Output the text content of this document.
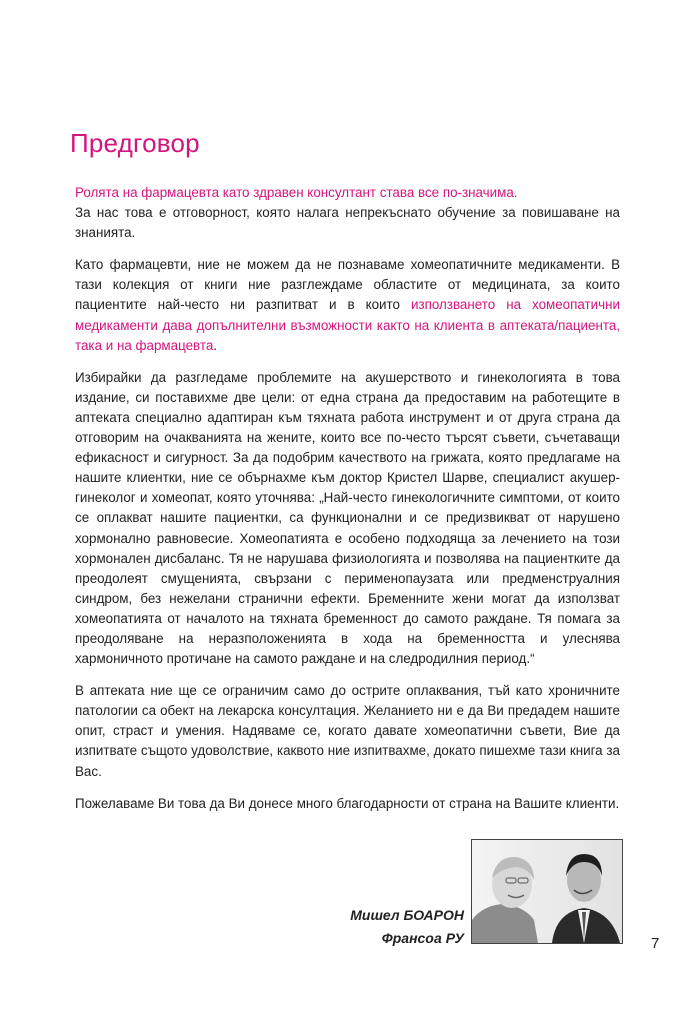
Предговор

Ролята на фармацевта като здравен консултант става все по-значима.
За нас това е отговорност, която налага непрекъснато обучение за повишаване на знанията.

Като фармацевти, ние не можем да не познаваме хомеопатичните медикаменти. В тази колекция от книги ние разглеждаме областите от медицината, за които пациентите най-често ни разпитват и в които използването на хомеопатични медикаменти дава допълнителни възможности както на клиента в аптеката/пациента, така и на фармацевта.

Избирайки да разгледаме проблемите на акушерството и гинекологията в това издание, си поставихме две цели: от една страна да предоставим на работещите в аптеката специално адаптиран към тяхната работа инструмент и от друга страна да отговорим на очакванията на жените, които все по-често търсят съвети, съчетаващи ефикасност и сигурност. За да подобрим качеството на грижата, която предлагаме на нашите клиентки, ние се обърнахме към доктор Кристел Шарве, специалист акушер-гинеколог и хомеопат, която уточнява: „Най-често гинекологичните симптоми, от които се оплакват нашите пациентки, са функционални и се предизвикват от нарушено хормонално равновесие. Хомеопатията е особено подходяща за лечението на този хормонален дисбаланс. Тя не нарушава физиологията и позволява на пациентките да преодолеят смущенията, свързани с перименопаузата или предменструалния синдром, без нежелани странични ефекти. Бременните жени могат да използват хомеопатията от началото на тяхната бременност до самото раждане. Тя помага за преодоляване на неразположенията в хода на бременността и улеснява хармоничното протичане на самото раждане и на следродилния период.“

В аптеката ние ще се ограничим само до острите оплаквания, тъй като хроничните патологии са обект на лекарска консултация. Желанието ни е да Ви предадем нашите опит, страст и умения. Надяваме се, когато давате хомеопатични съвети, Вие да изпитвате същото удоволствие, каквото ние изпитвахме, докато пишехме тази книга за Вас.

Пожелаваме Ви това да Ви донесе много благодарности от страна на Вашите клиенти.

Мишел БОАРОН
Франсоа РУ	7
